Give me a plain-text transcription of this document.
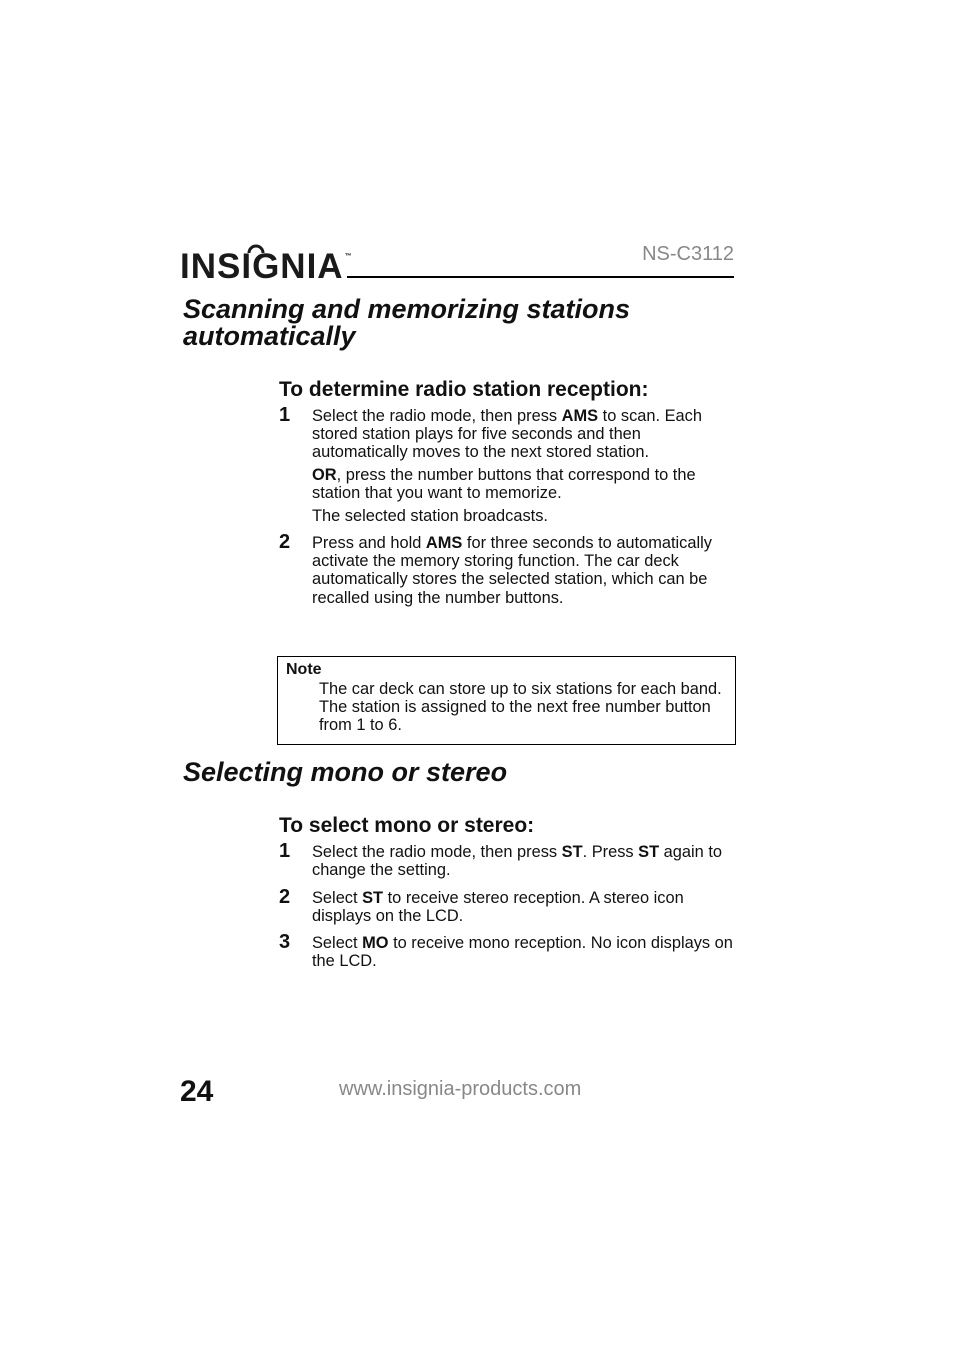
INSIGNIA™	NS-C3112
Scanning and memorizing stations
automatically
To determine radio station reception:
1 Select the radio mode, then press AMS to scan. Each stored station plays for five seconds and then automatically moves to the next stored station.
OR, press the number buttons that correspond to the station that you want to memorize.
The selected station broadcasts.
2 Press and hold AMS for three seconds to automatically activate the memory storing function. The car deck automatically stores the selected station, which can be recalled using the number buttons.
Note
The car deck can store up to six stations for each band. The station is assigned to the next free number button from 1 to 6.
Selecting mono or stereo
To select mono or stereo:
1 Select the radio mode, then press ST. Press ST again to change the setting.
2 Select ST to receive stereo reception. A stereo icon displays on the LCD.
3 Select MO to receive mono reception. No icon displays on the LCD.
24	www.insignia-products.com
